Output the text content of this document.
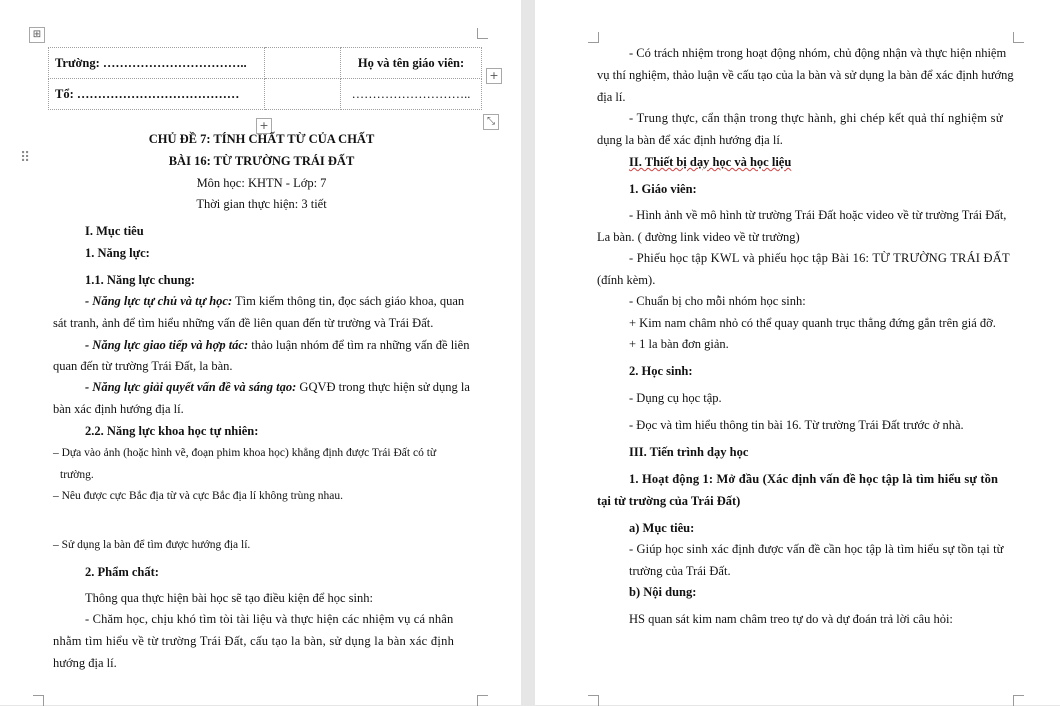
⊞
Trường: ……………………………..		Họ và tên giáo viên:
Tổ: …………………………………		………………………..
+
+	⤡
⠿
CHỦ ĐỀ 7: TÍNH CHẤT TỪ CỦA CHẤT
BÀI 16: TỪ TRƯỜNG TRÁI ĐẤT
Môn học: KHTN - Lớp: 7
Thời gian thực hiện: 3 tiết
I. Mục tiêu
1. Năng lực:
1.1. Năng lực chung:
- Năng lực tự chủ và tự học: Tìm kiếm thông tin, đọc sách giáo khoa, quan
sát tranh, ảnh để tìm hiểu những vấn đề liên quan đến từ trường và Trái Đất.
- Năng lực giao tiếp và hợp tác: thảo luận nhóm để tìm ra những vấn đề liên
quan đến từ trường Trái Đất, la bàn.
- Năng lực giải quyết vấn đề và sáng tạo: GQVĐ trong thực hiện sử dụng la
bàn xác định hướng địa lí.
2.2. Năng lực khoa học tự nhiên:
– Dựa vào ảnh (hoặc hình vẽ, đoạn phim khoa học) khẳng định được Trái Đất có từ
trường.
– Nêu được cực Bắc địa từ và cực Bắc địa lí không trùng nhau.
– Sử dụng la bàn để tìm được hướng địa lí.
2. Phẩm chất:
Thông qua thực hiện bài học sẽ tạo điều kiện để học sinh:
- Chăm học, chịu khó tìm tòi tài liệu và thực hiện các nhiệm vụ cá nhân
nhằm tìm hiểu về từ trường Trái Đất, cấu tạo la bàn, sử dụng la bàn xác định
hướng địa lí.
- Có trách nhiệm trong hoạt động nhóm, chủ động nhận và thực hiện nhiệm
vụ thí nghiệm, thảo luận về cấu tạo của la bàn và sử dụng la bàn để xác định hướng
địa lí.
- Trung thực, cẩn thận trong thực hành, ghi chép kết quả thí nghiệm sử
dụng la bàn để xác định hướng địa lí.
II. Thiết bị dạy học và học liệu
1. Giáo viên:
- Hình ảnh về mô hình từ trường Trái Đất hoặc video về từ trường Trái Đất,
La bàn. ( đường link video về từ trường)
- Phiếu học tập KWL và phiếu học tập Bài 16: TỪ TRƯỜNG TRÁI ĐẤT
(đính kèm).
- Chuẩn bị cho mỗi nhóm học sinh:
+ Kim nam châm nhỏ có thể quay quanh trục thẳng đứng gắn trên giá đỡ.
+ 1 la bàn đơn giản.
2. Học sinh:
- Dụng cụ học tập.
- Đọc và tìm hiểu thông tin bài 16. Từ trường Trái Đất trước ở nhà.
III. Tiến trình dạy học
1. Hoạt động 1: Mở đầu (Xác định vấn đề học tập là tìm hiểu sự tồn
tại từ trường của Trái Đất)
a) Mục tiêu:
- Giúp học sinh xác định được vấn đề cần học tập là tìm hiểu sự tồn tại từ
trường của Trái Đất.
b) Nội dung:
HS quan sát kim nam châm treo tự do và dự đoán trả lời câu hỏi:
